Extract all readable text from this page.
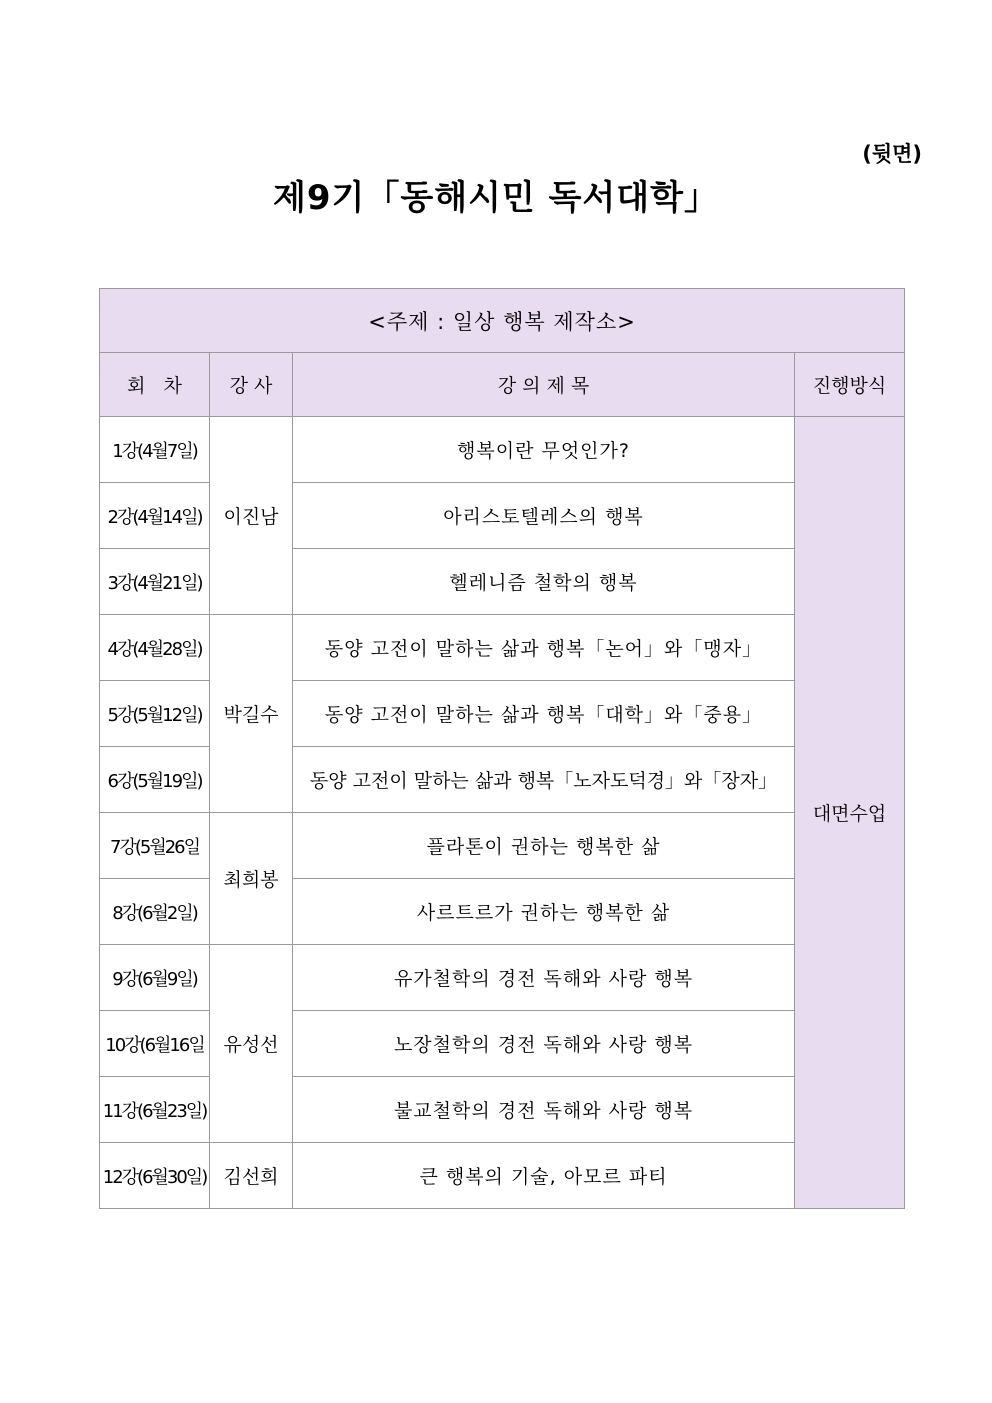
(뒷면)
제9기「동해시민 독서대학」
<주제 : 일상 행복 제작소>			
회   차	강 사	강 의 제 목	진행방식
1강(4월7일)	이진남	행복이란 무엇인가?	대면수업
2강(4월14일)		아리스토텔레스의 행복	
3강(4월21일)		헬레니즘 철학의 행복	
4강(4월28일)	박길수	동양 고전이 말하는 삶과 행복「논어」와「맹자」	
5강(5월12일)		동양 고전이 말하는 삶과 행복「대학」와「중용」	
6강(5월19일)		동양 고전이 말하는 삶과 행복「노자도덕경」와「장자」	
7강(5월26일	최희봉	플라톤이 권하는 행복한 삶	
8강(6월2일)		사르트르가 권하는 행복한 삶	
9강(6월9일)	유성선	유가철학의 경전 독해와 사랑 행복	
10강(6월16일		노장철학의 경전 독해와 사랑 행복	
11강(6월23일)		불교철학의 경전 독해와 사랑 행복	
12강(6월30일)	김선희	큰 행복의 기술, 아모르 파티	
